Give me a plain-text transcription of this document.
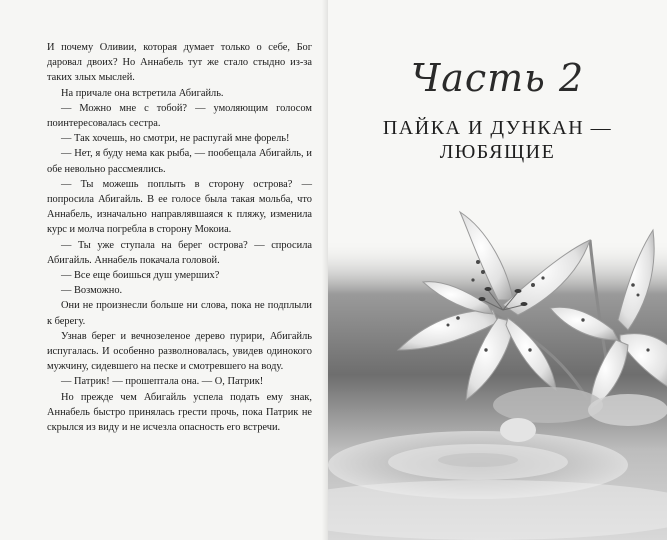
И почему Оливии, которая думает только о себе, Бог даровал двоих? Но Аннабель тут же стало стыдно из-за таких злых мыслей.

На причале она встретила Абигайль.

— Можно мне с тобой? — умоляющим голосом поинтересовалась сестра.

— Так хочешь, но смотри, не распугай мне форель!

— Нет, я буду нема как рыба, — пообещала Абигайль, и обе невольно рассмеялись.

— Ты можешь поплыть в сторону острова? — попросила Абигайль. В ее голосе была такая мольба, что Аннабель, изначально направлявшаяся к пляжу, изменила курс и молча погребла в сторону Мокоиа.

— Ты уже ступала на берег острова? — спросила Абигайль. Аннабель покачала головой.

— Все еще боишься душ умерших?

— Возможно.

Они не произнесли больше ни слова, пока не подплыли к берегу.

Узнав берег и вечнозеленое дерево пурири, Абигайль испугалась. И особенно разволновалась, увидев одинокого мужчину, сидевшего на песке и смотревшего на воду.

— Патрик! — прошептала она. — О, Патрик!

Но прежде чем Абигайль успела подать ему знак, Аннабель быстро принялась грести прочь, пока Патрик не скрылся из виду и не исчезла опасность его встречи.

Часть 2
ПАЙКА И ДУНКАН —
ЛЮБЯЩИЕ
